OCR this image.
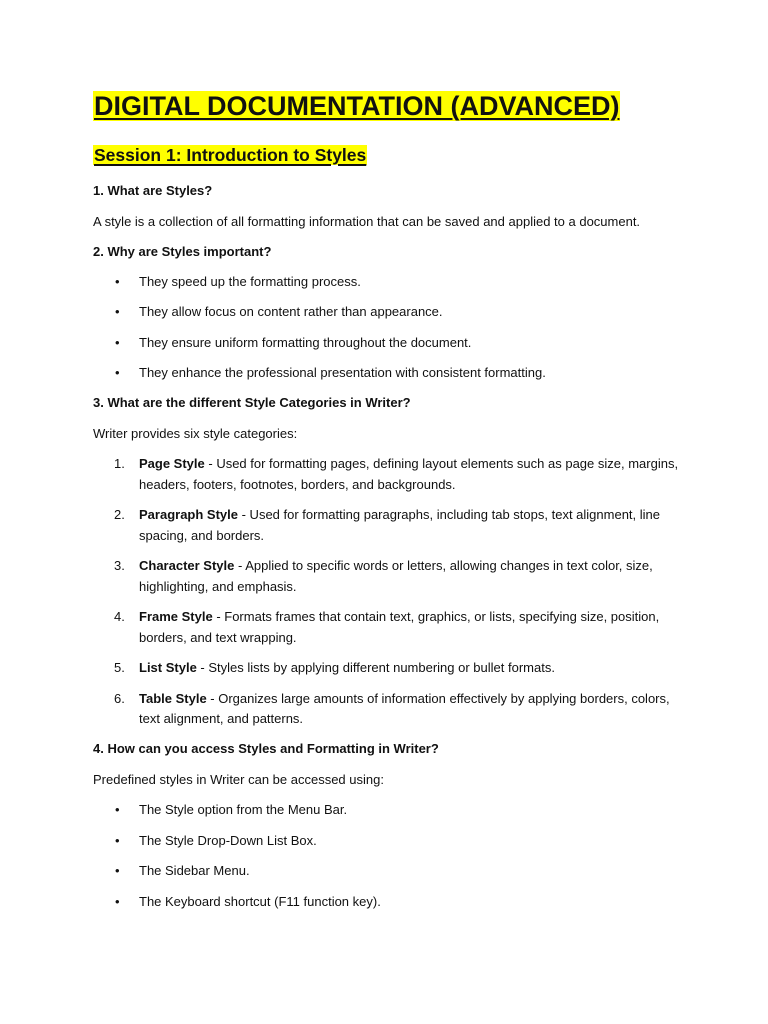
DIGITAL DOCUMENTATION (ADVANCED)
Session 1: Introduction to Styles

1. What are Styles?

A style is a collection of all formatting information that can be saved and applied to a document.

2. Why are Styles important?

• They speed up the formatting process.
• They allow focus on content rather than appearance.
• They ensure uniform formatting throughout the document.
• They enhance the professional presentation with consistent formatting.

3. What are the different Style Categories in Writer?

Writer provides six style categories:

1. Page Style - Used for formatting pages, defining layout elements such as page size, margins, headers, footers, footnotes, borders, and backgrounds.
2. Paragraph Style - Used for formatting paragraphs, including tab stops, text alignment, line spacing, and borders.
3. Character Style - Applied to specific words or letters, allowing changes in text color, size, highlighting, and emphasis.
4. Frame Style - Formats frames that contain text, graphics, or lists, specifying size, position, borders, and text wrapping.
5. List Style - Styles lists by applying different numbering or bullet formats.
6. Table Style - Organizes large amounts of information effectively by applying borders, colors, text alignment, and patterns.

4. How can you access Styles and Formatting in Writer?

Predefined styles in Writer can be accessed using:

• The Style option from the Menu Bar.
• The Style Drop-Down List Box.
• The Sidebar Menu.
• The Keyboard shortcut (F11 function key).
